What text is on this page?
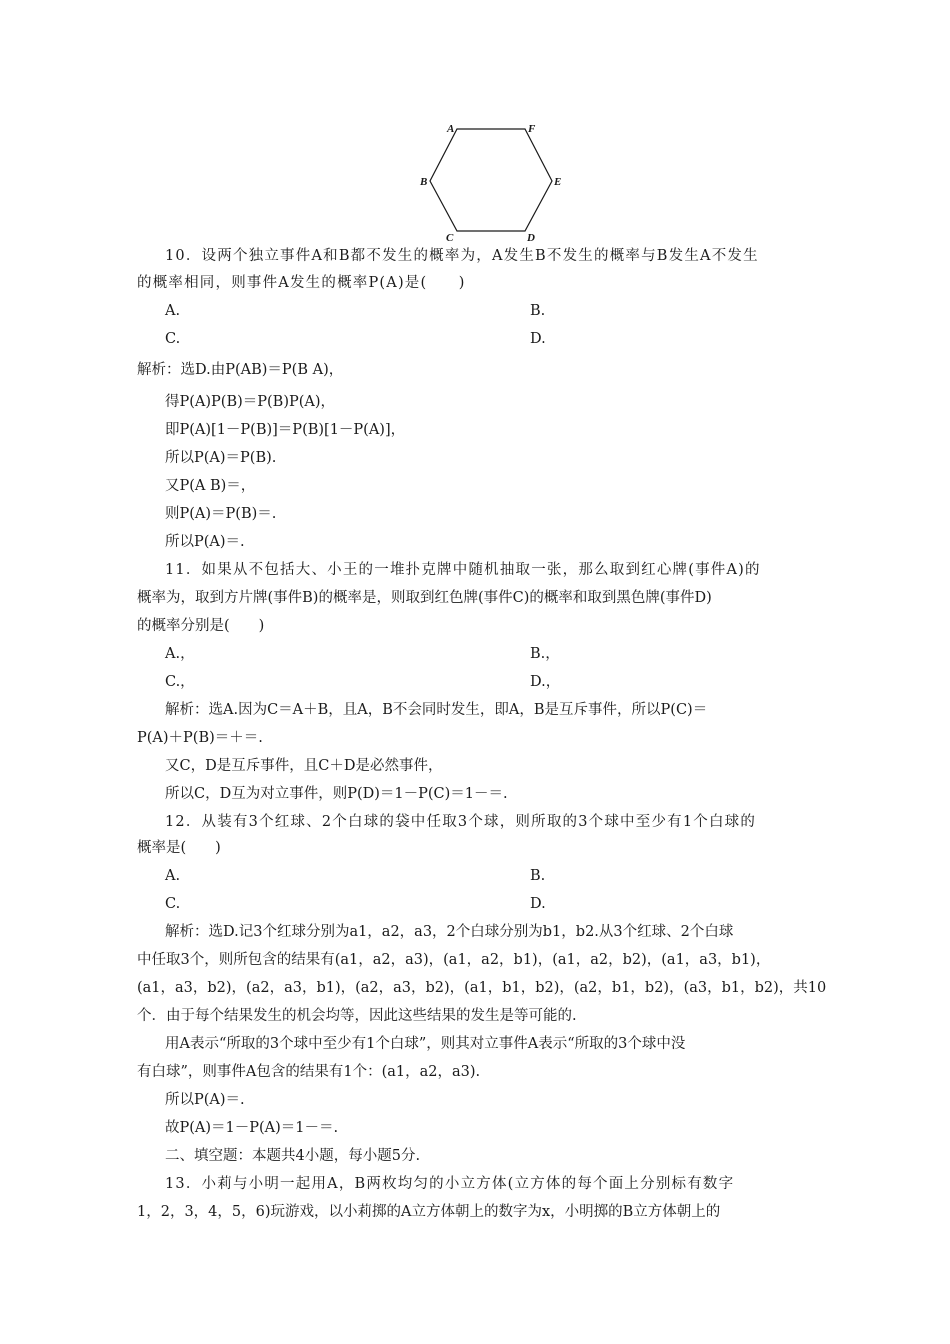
A	F
B	E
C	D
10．设两个独立事件A和B都不发生的概率为，A发生B不发生的概率与B发生A不发生
的概率相同，则事件A发生的概率P(A)是(　　)
A.	B.
C.	D.
解析：选D.由P(AB)＝P(B A)，
得P(A)P(B)＝P(B)P(A)，
即P(A)[1－P(B)]＝P(B)[1－P(A)]，
所以P(A)＝P(B).
又P(A B)＝，
则P(A)＝P(B)＝.
所以P(A)＝.
11．如果从不包括大、小王的一堆扑克牌中随机抽取一张，那么取到红心牌(事件A)的
概率为，取到方片牌(事件B)的概率是，则取到红色牌(事件C)的概率和取到黑色牌(事件D)
的概率分别是(　　)
A.，	B.，
C.，	D.，
解析：选A.因为C＝A＋B，且A，B不会同时发生，即A，B是互斥事件，所以P(C)＝
P(A)＋P(B)＝＋＝.
又C，D是互斥事件，且C＋D是必然事件，
所以C，D互为对立事件，则P(D)＝1－P(C)＝1－＝.
12．从装有3个红球、2个白球的袋中任取3个球，则所取的3个球中至少有1个白球的
概率是(　　)
A.	B.
C.	D.
解析：选D.记3个红球分别为a1，a2，a3，2个白球分别为b1，b2.从3个红球、2个白球
中任取3个，则所包含的结果有(a1，a2，a3)，(a1，a2，b1)，(a1，a2，b2)，(a1，a3，b1)，
(a1，a3，b2)，(a2，a3，b1)，(a2，a3，b2)，(a1，b1，b2)，(a2，b1，b2)，(a3，b1，b2)，共10
个．由于每个结果发生的机会均等，因此这些结果的发生是等可能的.
用A表示“所取的3个球中至少有1个白球”，则其对立事件A表示“所取的3个球中没
有白球”，则事件A包含的结果有1个：(a1，a2，a3).
所以P(A)＝.
故P(A)＝1－P(A)＝1－＝.
二、填空题：本题共4小题，每小题5分.
13．小莉与小明一起用A，B两枚均匀的小立方体(立方体的每个面上分别标有数字
1，2，3，4，5，6)玩游戏，以小莉掷的A立方体朝上的数字为x，小明掷的B立方体朝上的
